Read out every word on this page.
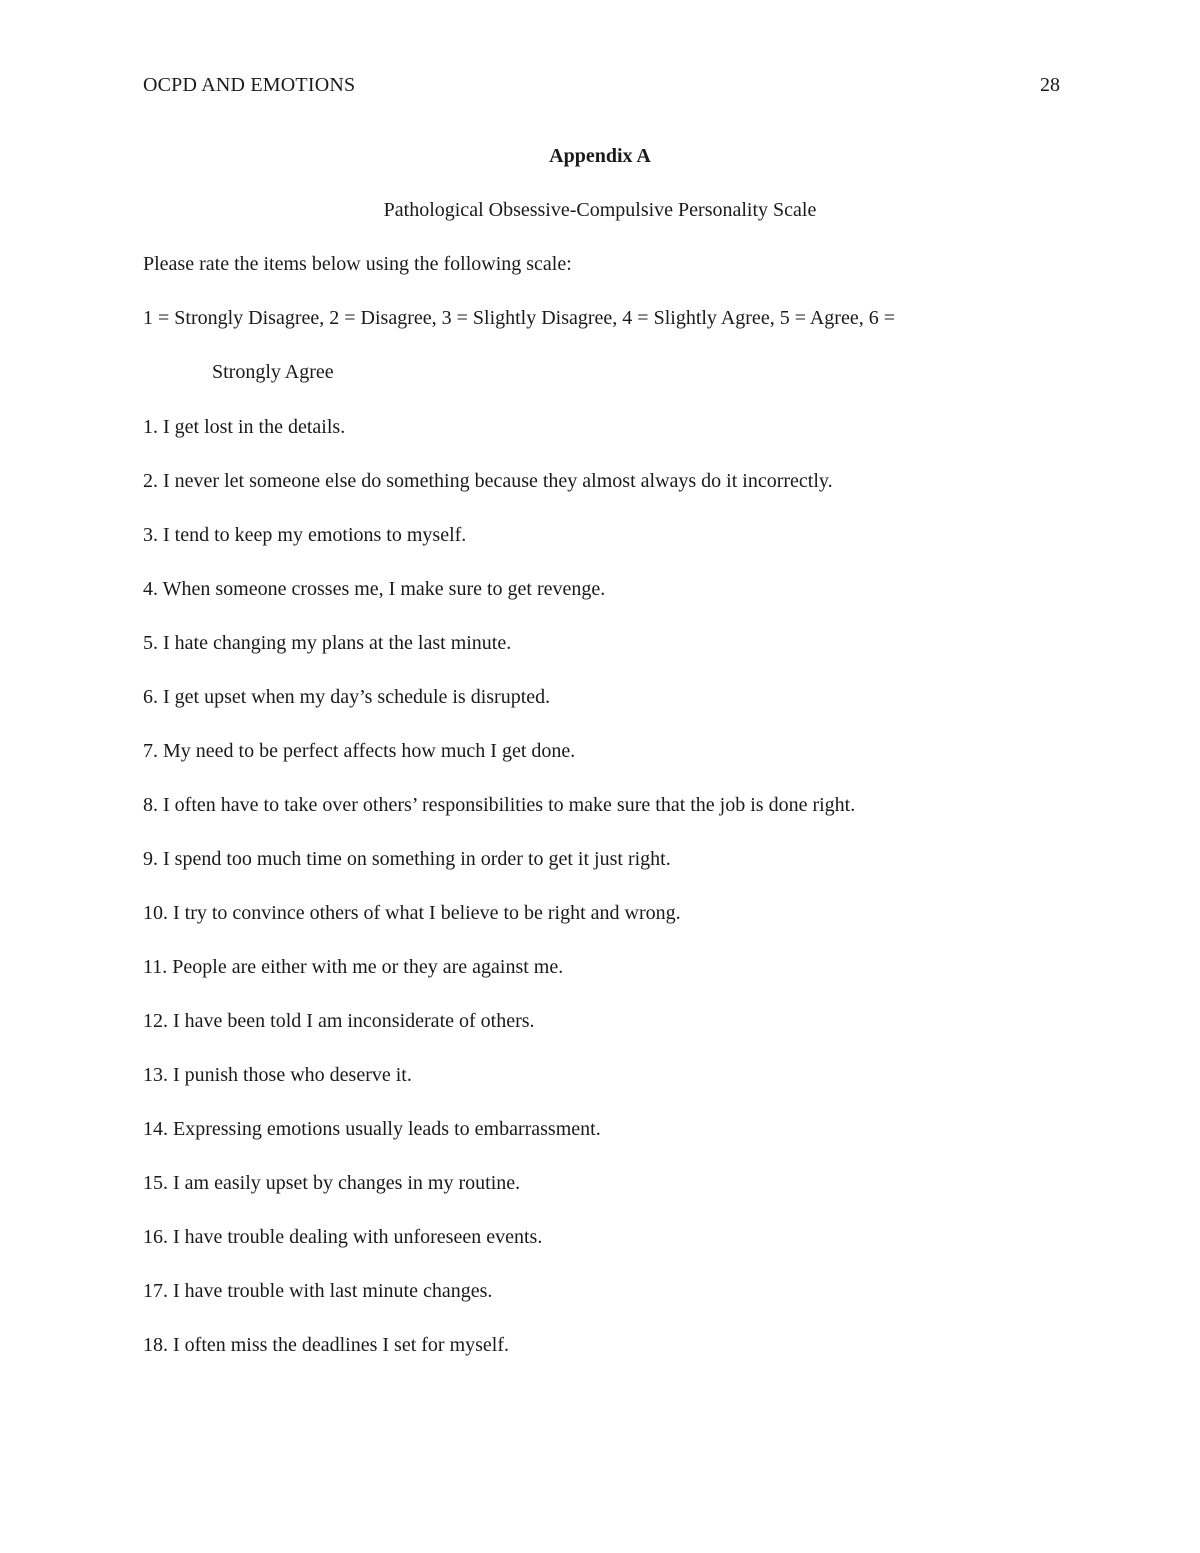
OCPD AND EMOTIONS	28
Appendix A
Pathological Obsessive-Compulsive Personality Scale
Please rate the items below using the following scale:
1 = Strongly Disagree, 2 = Disagree, 3 = Slightly Disagree, 4 = Slightly Agree, 5 = Agree, 6 =
Strongly Agree
1. I get lost in the details.
2. I never let someone else do something because they almost always do it incorrectly.
3. I tend to keep my emotions to myself.
4. When someone crosses me, I make sure to get revenge.
5. I hate changing my plans at the last minute.
6. I get upset when my day’s schedule is disrupted.
7. My need to be perfect affects how much I get done.
8. I often have to take over others’ responsibilities to make sure that the job is done right.
9. I spend too much time on something in order to get it just right.
10. I try to convince others of what I believe to be right and wrong.
11. People are either with me or they are against me.
12. I have been told I am inconsiderate of others.
13. I punish those who deserve it.
14. Expressing emotions usually leads to embarrassment.
15. I am easily upset by changes in my routine.
16. I have trouble dealing with unforeseen events.
17. I have trouble with last minute changes.
18. I often miss the deadlines I set for myself.
